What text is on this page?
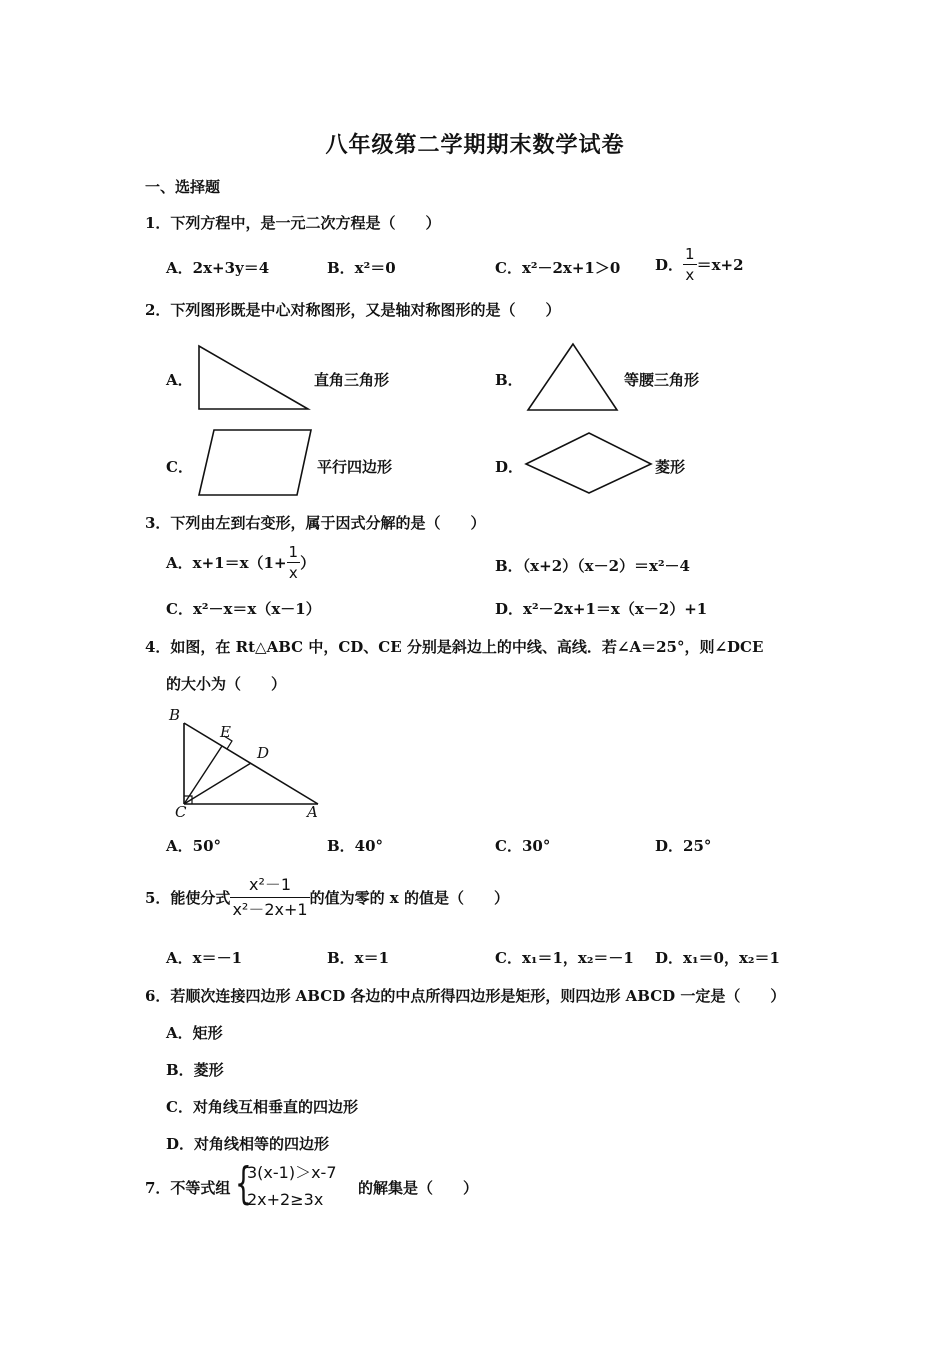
八年级第二学期期末数学试卷
一、选择题
1．下列方程中，是一元二次方程是（　　）
A．2x+3y＝4	B．x²＝0	C．x²－2x+1＞0 D． $\frac{1}{x} =x+2$
2．下列图形既是中心对称图形，又是轴对称图形的是（　　）
A．	直角三角形	B．	等腰三角形
C．	平行四边形	D．	菱形
3．下列由左到右变形，属于因式分解的是（　　）
A．$x+1=x(1+ \frac{1}{x}$ ）	B．（x+2）（x－2）＝x²－4
C．x²－x＝x（x－1）	D．x²－2x+1＝x（x－2）+1
4．如图，在 Rt△ABC 中，CD、CE 分别是斜边上的中线、高线．若∠A＝25°，则∠DCE
的大小为（　　）
B
E
D
C	A
A．50°	B．40°	C．30°	D．25°
5．能使分式 $\frac{\text{x²－1}}{\text{x²－2x+1}}$ 的值为零的 x 的值是（　　）
A．x＝－1	B．x＝1	C．x₁＝1，x₂＝－1 D．x₁＝0，x₂＝1
6．若顺次连接四边形 ABCD 各边的中点所得四边形是矩形，则四边形 ABCD 一定是（　　）
A．矩形
B．菱形
C．对角线互相垂直的四边形
D．对角线相等的四边形
7．不等式组 {
3(x-1)＞x-7
2x+2≥3x
的解集是（　　）
